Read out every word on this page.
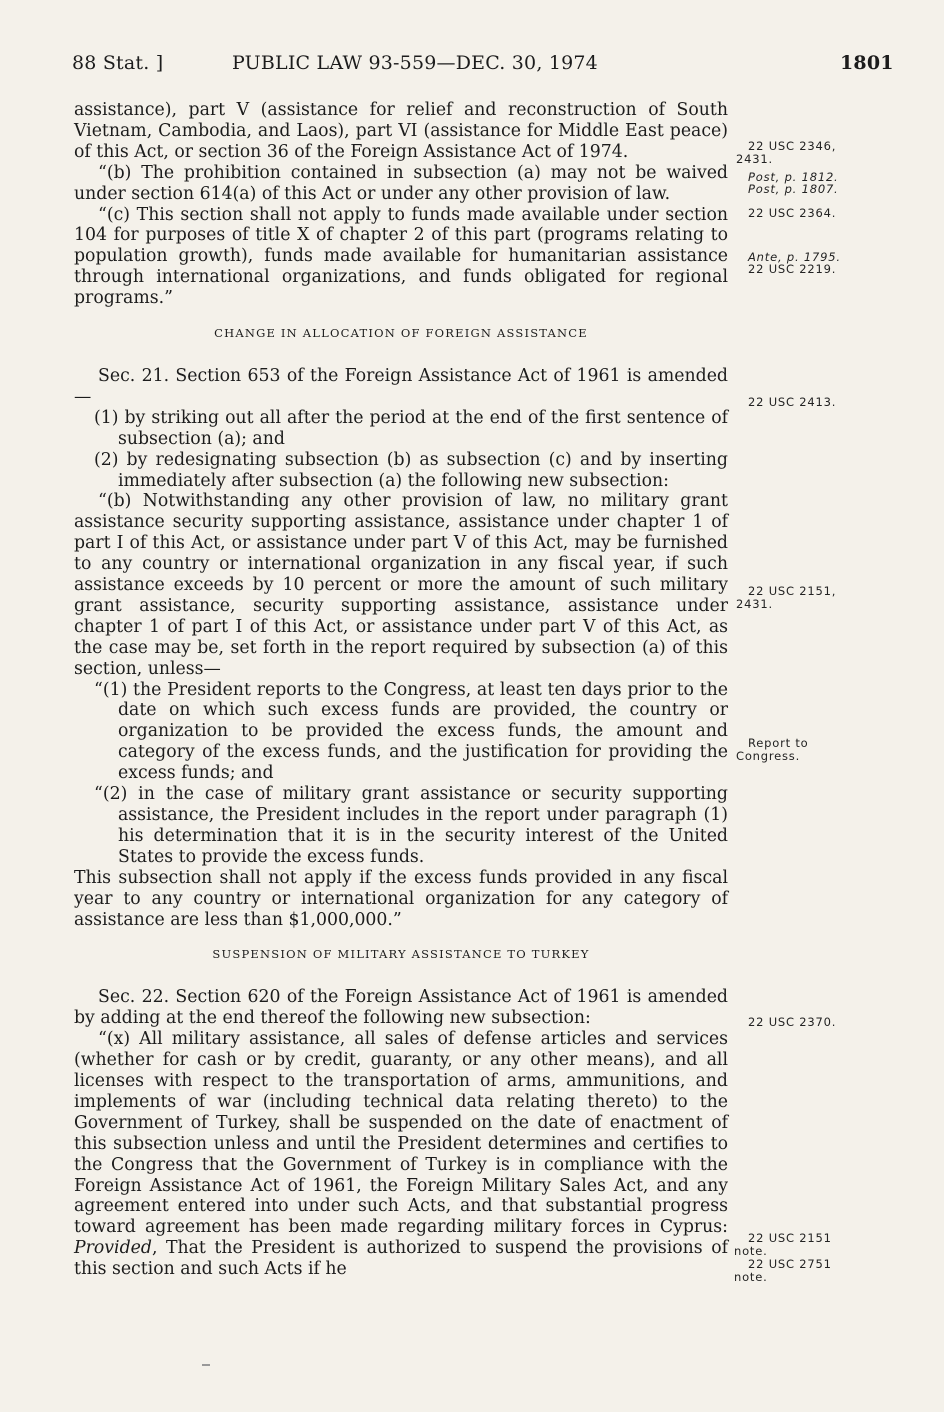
88 Stat. ]	PUBLIC LAW 93-559—DEC. 30, 1974	1801

assistance), part V (assistance for relief and reconstruction of South Vietnam, Cambodia, and Laos), part VI (assistance for Middle East peace) of this Act, or section 36 of the Foreign Assistance Act of 1974.

“(b) The prohibition contained in subsection (a) may not be waived under section 614(a) of this Act or under any other provision of law.

“(c) This section shall not apply to funds made available under section 104 for purposes of title X of chapter 2 of this part (programs relating to population growth), funds made available for humanitarian assistance through international organizations, and funds obligated for regional programs.”

CHANGE IN ALLOCATION OF FOREIGN ASSISTANCE

Sec. 21. Section 653 of the Foreign Assistance Act of 1961 is amended—

(1) by striking out all after the period at the end of the first sentence of subsection (a); and

(2) by redesignating subsection (b) as subsection (c) and by inserting immediately after subsection (a) the following new subsection:

“(b) Notwithstanding any other provision of law, no military grant assistance security supporting assistance, assistance under chapter 1 of part I of this Act, or assistance under part V of this Act, may be furnished to any country or international organization in any fiscal year, if such assistance exceeds by 10 percent or more the amount of such military grant assistance, security supporting assistance, assistance under chapter 1 of part I of this Act, or assistance under part V of this Act, as the case may be, set forth in the report required by subsection (a) of this section, unless—

“(1) the President reports to the Congress, at least ten days prior to the date on which such excess funds are provided, the country or organization to be provided the excess funds, the amount and category of the excess funds, and the justification for providing the excess funds; and

“(2) in the case of military grant assistance or security supporting assistance, the President includes in the report under paragraph (1) his determination that it is in the security interest of the United States to provide the excess funds.

This subsection shall not apply if the excess funds provided in any fiscal year to any country or international organization for any category of assistance are less than $1,000,000.”

SUSPENSION OF MILITARY ASSISTANCE TO TURKEY

Sec. 22. Section 620 of the Foreign Assistance Act of 1961 is amended by adding at the end thereof the following new subsection:

“(x) All military assistance, all sales of defense articles and services (whether for cash or by credit, guaranty, or any other means), and all licenses with respect to the transportation of arms, ammunitions, and implements of war (including technical data relating thereto) to the Government of Turkey, shall be suspended on the date of enactment of this subsection unless and until the President determines and certifies to the Congress that the Government of Turkey is in compliance with the Foreign Assistance Act of 1961, the Foreign Military Sales Act, and any agreement entered into under such Acts, and that substantial progress toward agreement has been made regarding military forces in Cyprus: Provided, That the President is authorized to suspend the provisions of this section and such Acts if he

22 USC 2346,
2431.
Post, p. 1812.
Post, p. 1807.
22 USC 2364.
Ante, p. 1795.
22 USC 2219.
22 USC 2413.
22 USC 2151,
2431.
Report to
Congress.
22 USC 2370.
22 USC 2151
note.
22 USC 2751
note.
